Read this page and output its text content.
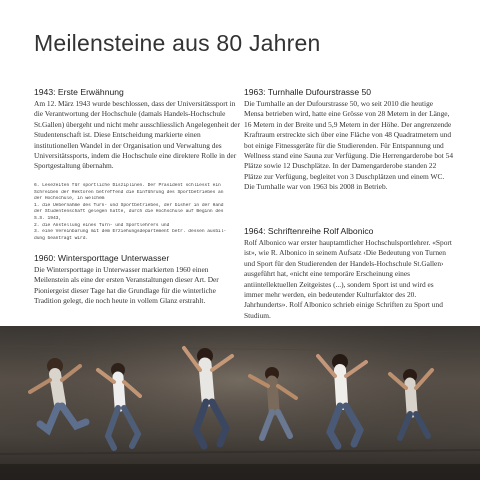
Meilensteine aus 80 Jahren
1943: Erste Erwähnung
Am 12. März 1943 wurde beschlossen, dass der Universitätssport in die Verantwortung der Hochschule (damals Handels-Hochschule St.Gallen) übergeht und nicht mehr ausschliesslich Angelegenheit der Studentenschaft ist. Diese Entscheidung markierte einen institutionellen Wandel in der Organisation und Verwaltung des Universitätssports, indem die Hochschule eine direktere Rolle in der Sportgestaltung übernahm.
6. Lesezeiten für sportliche Disziplinen. Der Präsident schliesst ein
Schreiben der Rektoren betreffend die Einführung des Sportbetriebes an
der Hochschule, in welchem
1. die Uebernahme des Turn- und Sportbetriebes, der bisher in der Hand
der Studentenschaft gelegen hatte, durch die Hochschule auf Beginn des
S.S. 1943,
2. die Anstellung eines Turn- und Sportlehrers und
3. eine Vereinbarung mit dem Erziehungsdepartement betr. dessen ausbil-
dung beantragt wird.
1960: Wintersporttage Unterwasser
Die Wintersporttage in Unterwasser markierten 1960 einen Meilenstein als eine der ersten Veranstaltungen dieser Art. Der Pioniergeist dieser Tage hat die Grundlage für die winterliche Tradition gelegt, die noch heute in vollem Glanz erstrahlt.
1963: Turnhalle Dufourstrasse 50
Die Turnhalle an der Dufourstrasse 50, wo seit 2010 die heutige Mensa betrieben wird, hatte eine Grösse von 28 Metern in der Länge, 16 Metern in der Breite und 5,9 Metern in der Höhe. Der angrenzende Kraftraum erstreckte sich über eine Fläche von 48 Quadratmetern und bot einige Fitnessgeräte für die Studierenden. Für Entspannung und Wellness stand eine Sauna zur Verfügung. Die Herrengarderobe bot 54 Plätze sowie 12 Duschplätze. In der Damengarderobe standen 22 Plätze zur Verfügung, begleitet von 3 Duschplätzen und einem WC. Die Turnhalle war von 1963 bis 2008 in Betrieb.
1964: Schriftenreihe Rolf Albonico
Rolf Albonico war erster hauptamtlicher Hochschulsportlehrer. «Sport ist», wie R. Albonico in seinem Aufsatz ‹Die Bedeutung von Turnen und Sport für den Studierenden der Handels-Hochschule St.Gallen› ausgeführt hat, «nicht eine temporäre Erscheinung eines antiintellektuellen Zeitgeistes (...), sondern Sport ist und wird es immer mehr werden, ein bedeutender Kulturfaktor des 20. Jahrhunderts». Rolf Albonico schrieb einige Schriften zu Sport und Studium.
